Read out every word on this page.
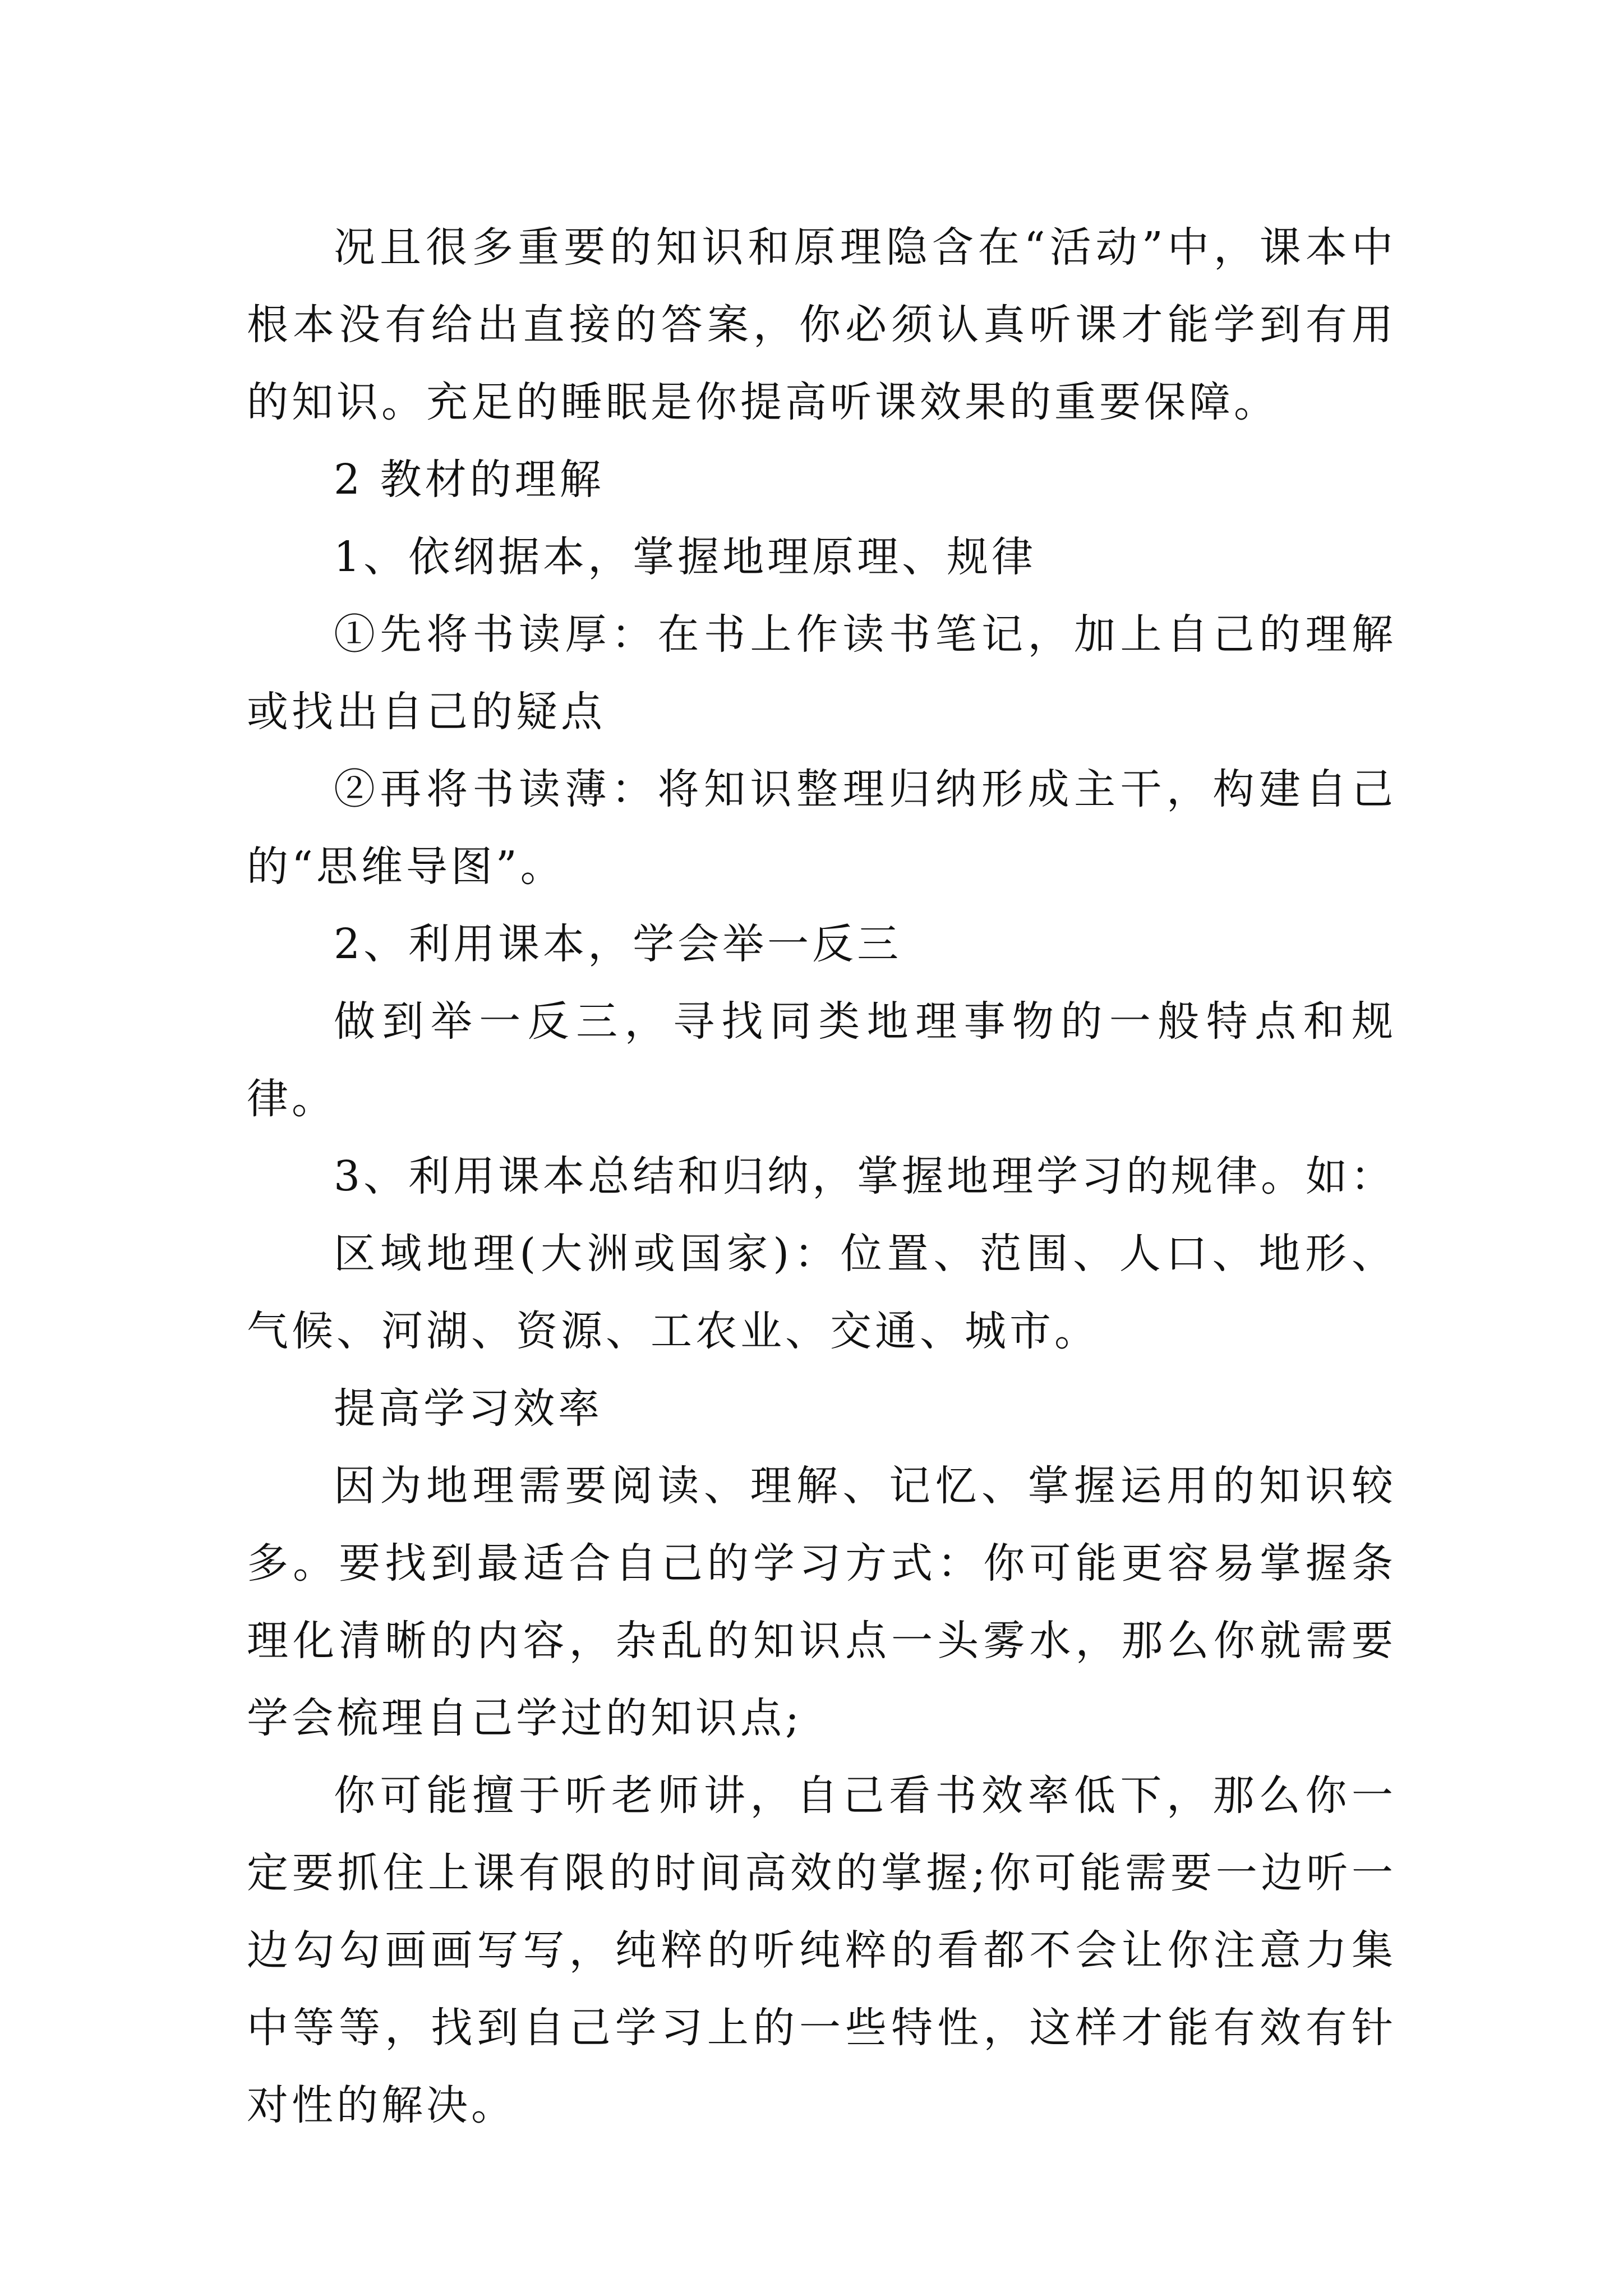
况且很多重要的知识和原理隐含在“活动”中，课本中根本没有给出直接的答案，你必须认真听课才能学到有用的知识。充足的睡眠是你提高听课效果的重要保障。

2 教材的理解

1、依纲据本，掌握地理原理、规律

①先将书读厚：在书上作读书笔记，加上自己的理解或找出自己的疑点

②再将书读薄：将知识整理归纳形成主干，构建自己的“思维导图”。

2、利用课本，学会举一反三

做到举一反三，寻找同类地理事物的一般特点和规律。

3、利用课本总结和归纳，掌握地理学习的规律。如：

区域地理(大洲或国家)：位置、范围、人口、地形、气候、河湖、资源、工农业、交通、城市。

提高学习效率

因为地理需要阅读、理解、记忆、掌握运用的知识较多。要找到最适合自己的学习方式：你可能更容易掌握条理化清晰的内容，杂乱的知识点一头雾水，那么你就需要学会梳理自己学过的知识点;

你可能擅于听老师讲，自己看书效率低下，那么你一定要抓住上课有限的时间高效的掌握;你可能需要一边听一边勾勾画画写写，纯粹的听纯粹的看都不会让你注意力集中等等，找到自己学习上的一些特性，这样才能有效有针对性的解决。
